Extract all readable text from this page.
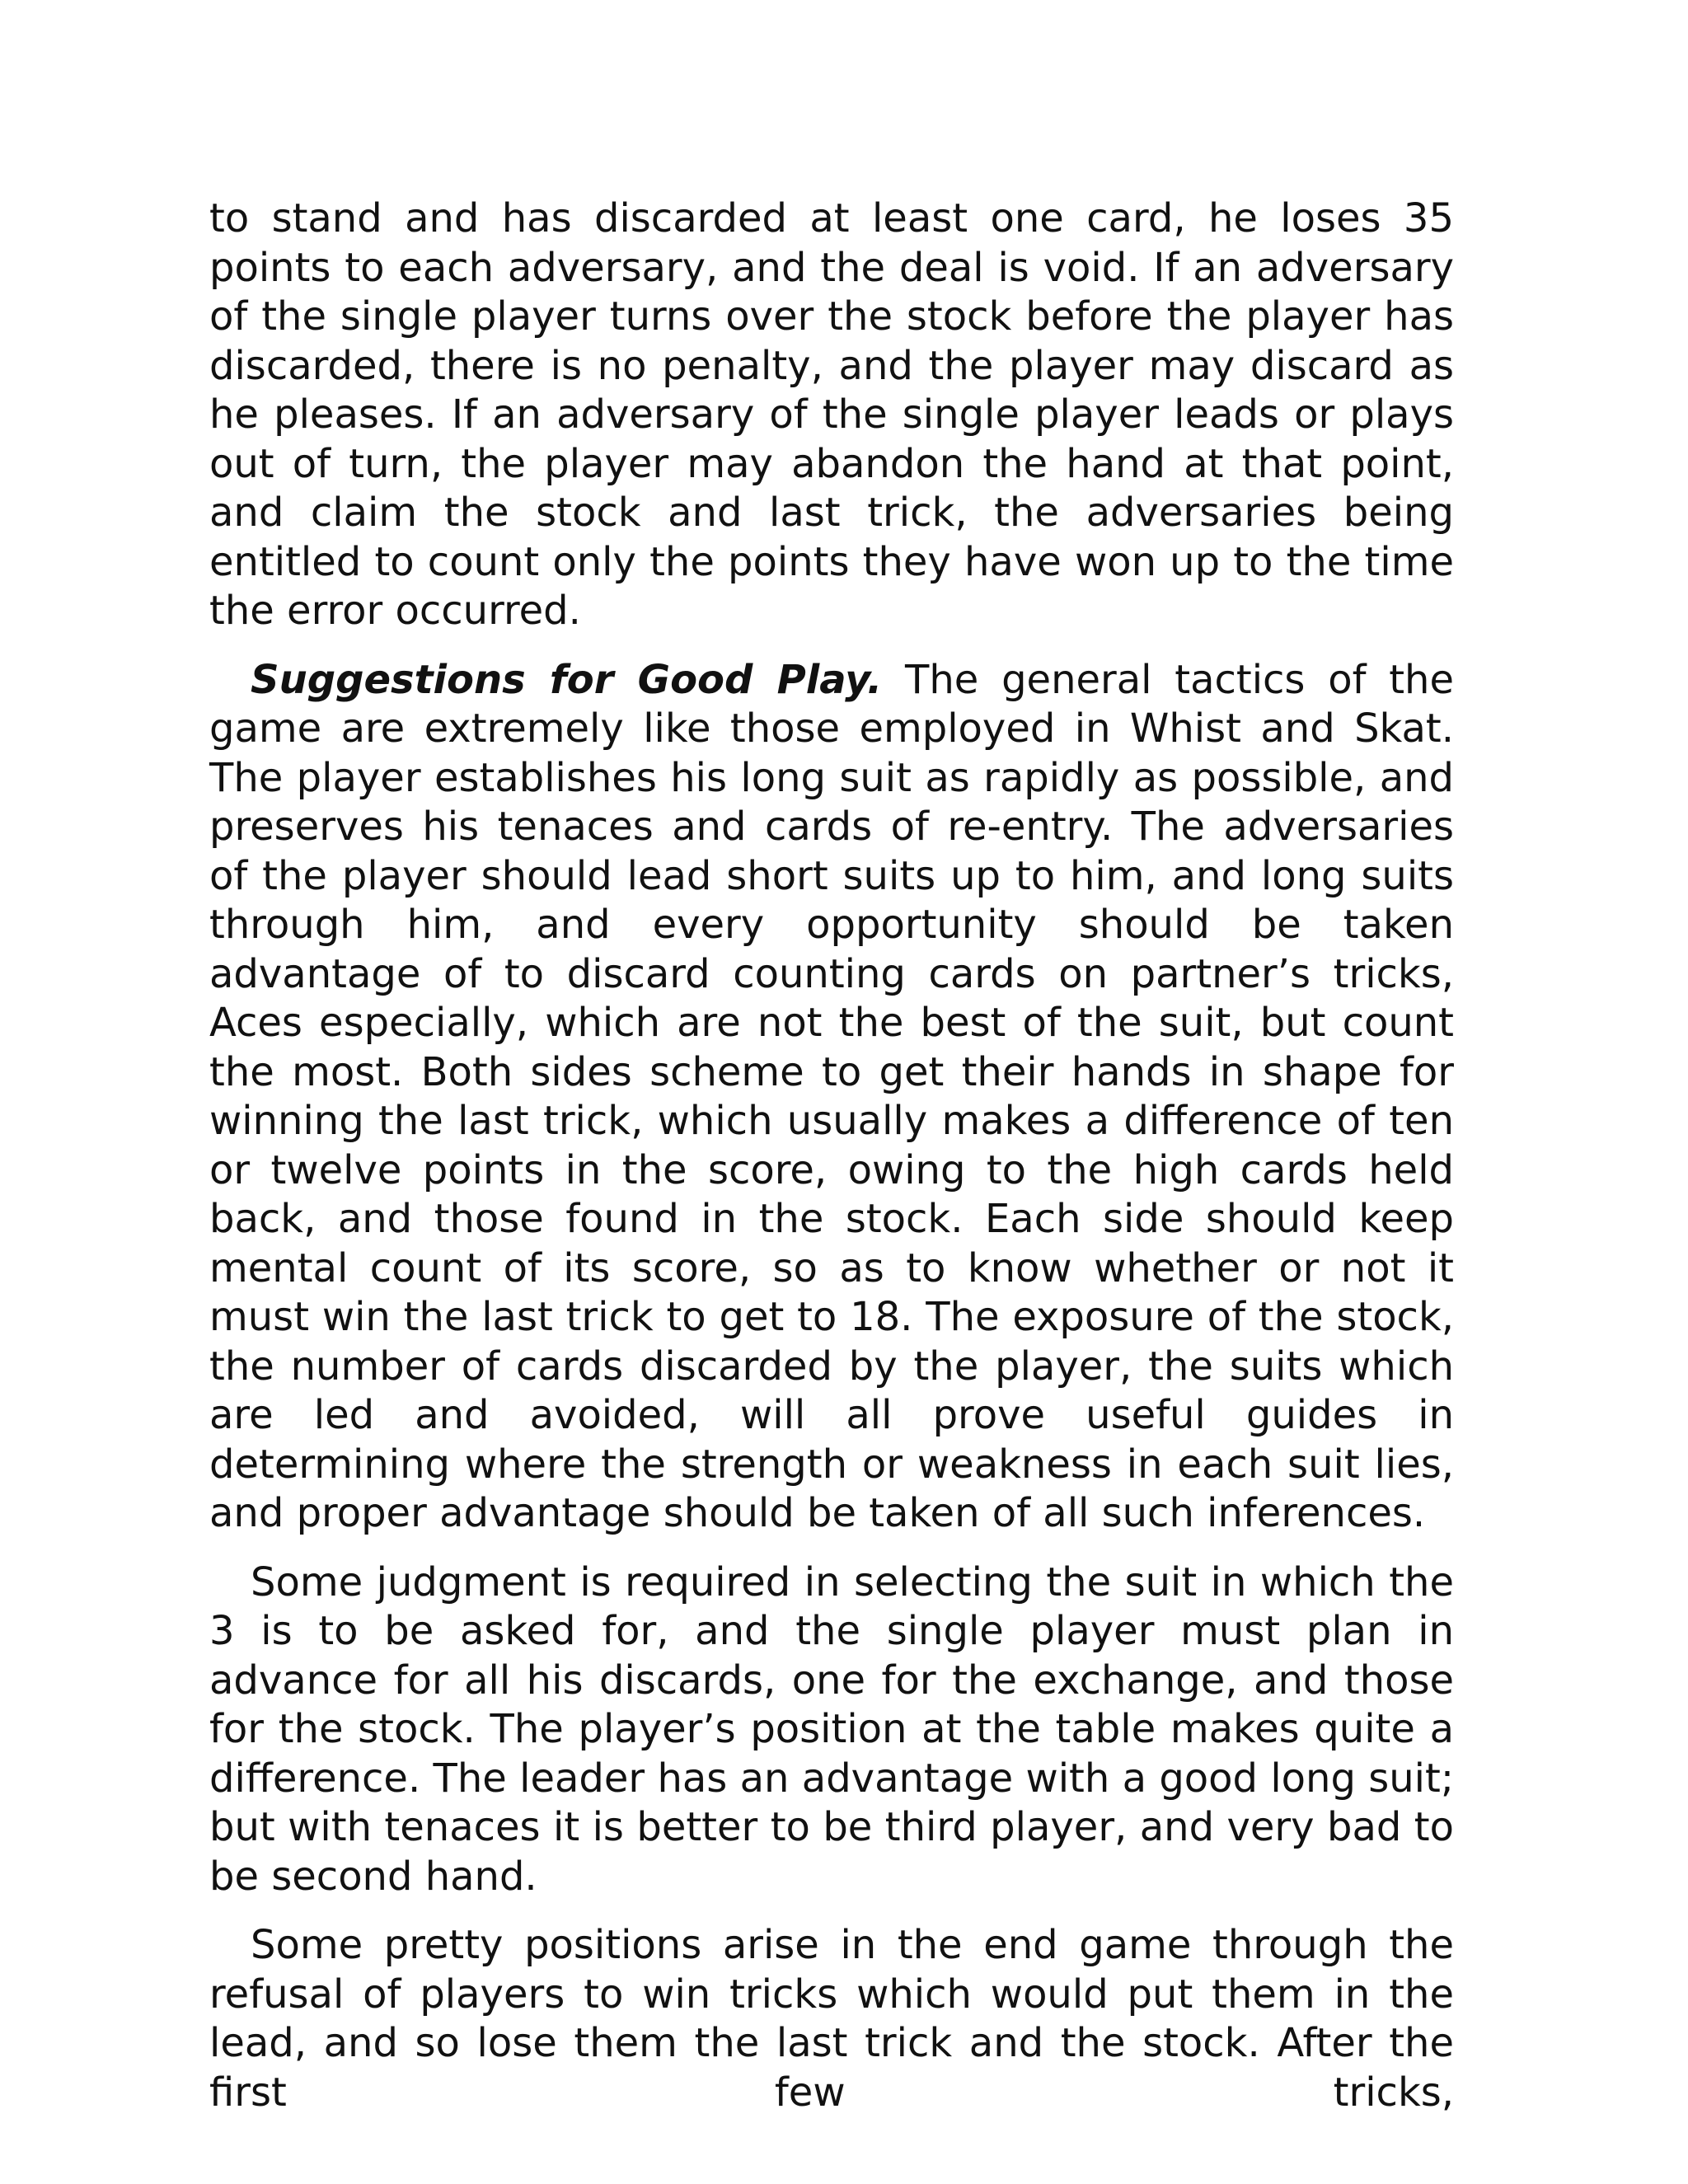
to stand and has discarded at least one card, he loses 35 points to each adversary, and the deal is void. If an adversary of the single player turns over the stock before the player has discarded, there is no penalty, and the player may discard as he pleases. If an adversary of the single player leads or plays out of turn, the player may abandon the hand at that point, and claim the stock and last trick, the adversaries being entitled to count only the points they have won up to the time the error occurred.

Suggestions for Good Play. The general tactics of the game are extremely like those employed in Whist and Skat. The player establishes his long suit as rapidly as possible, and preserves his tenaces and cards of re-entry. The adversaries of the player should lead short suits up to him, and long suits through him, and every opportunity should be taken advantage of to discard counting cards on partner’s tricks, Aces especially, which are not the best of the suit, but count the most. Both sides scheme to get their hands in shape for winning the last trick, which usually makes a difference of ten or twelve points in the score, owing to the high cards held back, and those found in the stock. Each side should keep mental count of its score, so as to know whether or not it must win the last trick to get to 18. The exposure of the stock, the number of cards discarded by the player, the suits which are led and avoided, will all prove useful guides in determining where the strength or weakness in each suit lies, and proper advantage should be taken of all such inferences.

Some judgment is required in selecting the suit in which the 3 is to be asked for, and the single player must plan in advance for all his discards, one for the exchange, and those for the stock. The player’s position at the table makes quite a difference. The leader has an advantage with a good long suit; but with tenaces it is better to be third player, and very bad to be second hand.

Some pretty positions arise in the end game through the refusal of players to win tricks which would put them in the lead, and so lose them the last trick and the stock. After the first few tricks,
